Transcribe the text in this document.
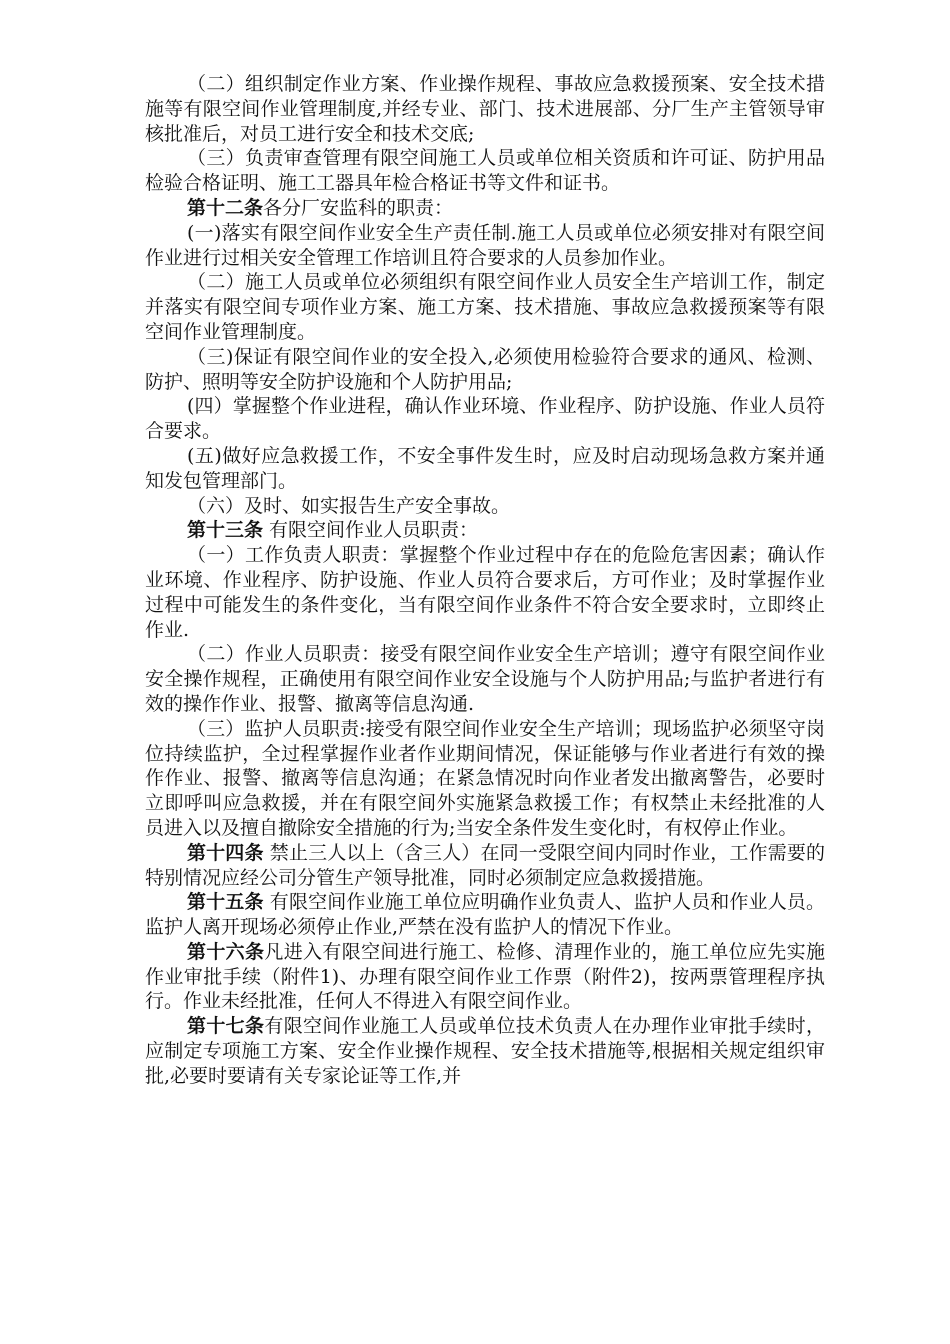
（二）组织制定作业方案、作业操作规程、事故应急救援预案、安全技术措施等有限空间作业管理制度,并经专业、部门、技术进展部、分厂生产主管领导审核批准后，对员工进行安全和技术交底;

（三）负责审查管理有限空间施工人员或单位相关资质和许可证、防护用品检验合格证明、施工工器具年检合格证书等文件和证书。

第十二条各分厂安监科的职责：

(一)落实有限空间作业安全生产责任制.施工人员或单位必须安排对有限空间作业进行过相关安全管理工作培训且符合要求的人员参加作业。

（二）施工人员或单位必须组织有限空间作业人员安全生产培训工作，制定并落实有限空间专项作业方案、施工方案、技术措施、事故应急救援预案等有限空间作业管理制度。

（三)保证有限空间作业的安全投入,必须使用检验符合要求的通风、检测、防护、照明等安全防护设施和个人防护用品;

(四）掌握整个作业进程，确认作业环境、作业程序、防护设施、作业人员符合要求。

(五)做好应急救援工作，不安全事件发生时，应及时启动现场急救方案并通知发包管理部门。

（六）及时、如实报告生产安全事故。

第十三条 有限空间作业人员职责：

（一）工作负责人职责：掌握整个作业过程中存在的危险危害因素；确认作业环境、作业程序、防护设施、作业人员符合要求后，方可作业；及时掌握作业过程中可能发生的条件变化，当有限空间作业条件不符合安全要求时，立即终止作业.

（二）作业人员职责：接受有限空间作业安全生产培训；遵守有限空间作业安全操作规程，正确使用有限空间作业安全设施与个人防护用品;与监护者进行有效的操作作业、报警、撤离等信息沟通.

（三）监护人员职责:接受有限空间作业安全生产培训；现场监护必须坚守岗位持续监护，全过程掌握作业者作业期间情况，保证能够与作业者进行有效的操作作业、报警、撤离等信息沟通；在紧急情况时向作业者发出撤离警告，必要时立即呼叫应急救援，并在有限空间外实施紧急救援工作；有权禁止未经批准的人员进入以及擅自撤除安全措施的行为;当安全条件发生变化时，有权停止作业。

第十四条 禁止三人以上（含三人）在同一受限空间内同时作业，工作需要的特别情况应经公司分管生产领导批准，同时必须制定应急救援措施。

第十五条 有限空间作业施工单位应明确作业负责人、监护人员和作业人员。监护人离开现场必须停止作业,严禁在没有监护人的情况下作业。

第十六条凡进入有限空间进行施工、检修、清理作业的，施工单位应先实施作业审批手续（附件1)、办理有限空间作业工作票（附件2)，按两票管理程序执行。作业未经批准，任何人不得进入有限空间作业。

第十七条有限空间作业施工人员或单位技术负责人在办理作业审批手续时，应制定专项施工方案、安全作业操作规程、安全技术措施等,根据相关规定组织审批,必要时要请有关专家论证等工作,并
